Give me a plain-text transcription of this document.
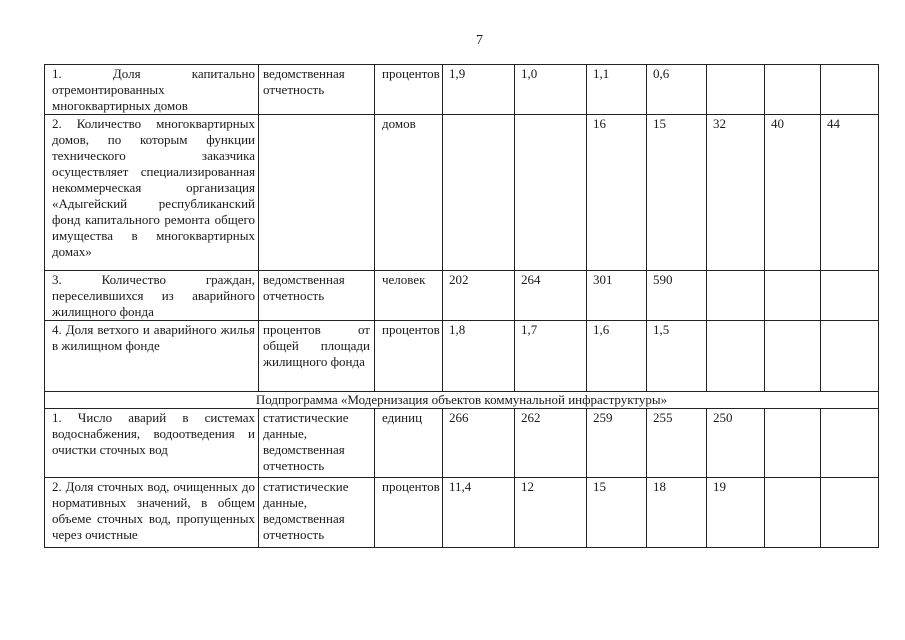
7
1. Доля капитально отремонтированных многоквартирных домов	ведомственная отчетность	процентов	1,9	1,0	1,1	0,6			
2. Количество многоквартирных домов, по которым функции технического заказчика осуществляет специализированная некоммерческая организация «Адыгейский республиканский фонд капитального ремонта общего имущества в многоквартирных домах»		домов			16	15	32	40	44
3. Количество граждан, переселившихся из аварийного жилищного фонда	ведомственная отчетность	человек	202	264	301	590			
4. Доля ветхого и аварийного жилья в жилищном фонде	процентов от общей площади жилищного фонда	процентов	1,8	1,7	1,6	1,5			
Подпрограмма «Модернизация объектов коммунальной инфраструктуры»									
1. Число аварий в системах водоснабжения, водоотведения и очистки сточных вод	статистические данные, ведомственная отчетность	единиц	266	262	259	255	250		
2. Доля сточных вод, очищенных до нормативных значений, в общем объеме сточных вод, пропущенных через очистные	статистические данные, ведомственная отчетность	процентов	11,4	12	15	18	19		
